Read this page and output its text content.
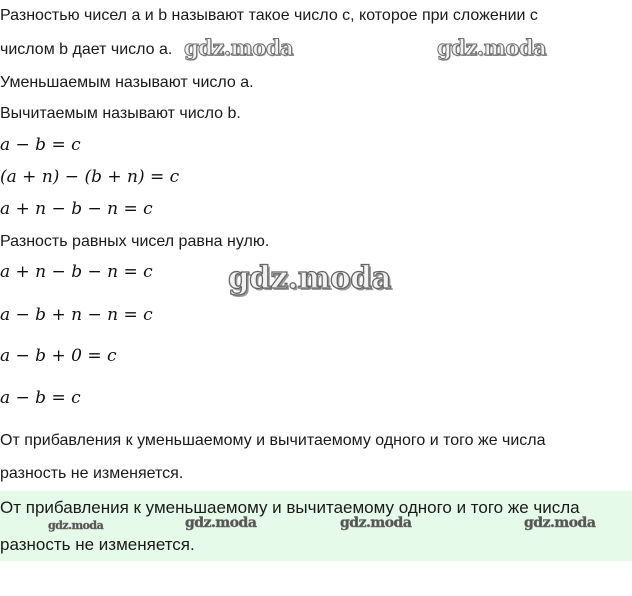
Разностью чисел a и b называют такое число c, которое при сложении с
числом b дает число a.
Уменьшаемым называют число a.
Вычитаемым называют число b.
a − b = c
(a + n) − (b + n) = c
a + n − b − n = c
Разность равных чисел равна нулю.
a + n − b − n = c
a − b + n − n = c
a − b + 0 = c
a − b = c
От прибавления к уменьшаемому и вычитаемому одного и того же числа
разность не изменяется.
От прибавления к уменьшаемому и вычитаемому одного и того же числа
разность не изменяется.
gdz.moda	gdz.moda
gdz.moda
gdz.moda	gdz.moda	gdz.moda	gdz.moda
